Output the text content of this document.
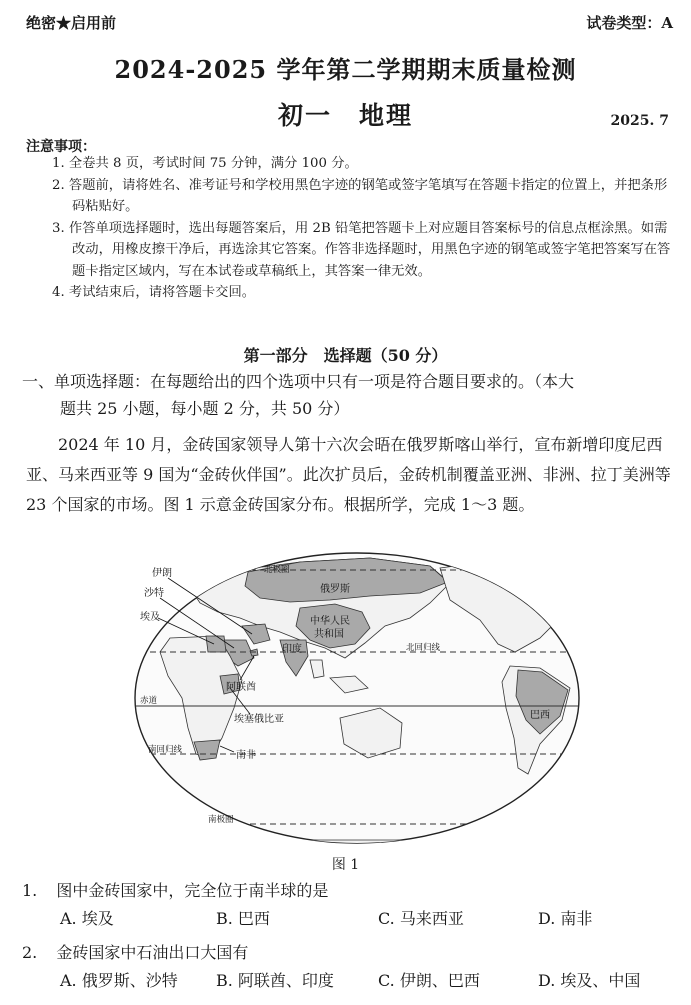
绝密★启用前	试卷类型：A
2024-2025 学年第二学期期末质量检测
初一　地理	2025. 7
注意事项：
1. 全卷共 8 页，考试时间 75 分钟，满分 100 分。
2. 答题前，请将姓名、准考证号和学校用黑色字迹的钢笔或签字笔填写在答题卡指定的位置上，并把条形码粘贴好。
3. 作答单项选择题时，选出每题答案后，用 2B 铅笔把答题卡上对应题目答案标号的信息点框涂黑。如需改动，用橡皮擦干净后，再选涂其它答案。作答非选择题时，用黑色字迹的钢笔或签字笔把答案写在答题卡指定区域内，写在本试卷或草稿纸上，其答案一律无效。
4. 考试结束后，请将答题卡交回。
第一部分　选择题（50 分）
一、单项选择题：在每题给出的四个选项中只有一项是符合题目要求的。（本大
题共 25 小题，每小题 2 分，共 50 分）
2024 年 10 月，金砖国家领导人第十六次会晤在俄罗斯喀山举行，宣布新增印度尼西亚、马来西亚等 9 国为“金砖伙伴国”。此次扩员后，金砖机制覆盖亚洲、非洲、拉丁美洲等 23 个国家的市场。图 1 示意金砖国家分布。根据所学，完成 1～3 题。
伊朗
沙特
埃及
俄罗斯
中华人民
共和国
印度
阿联酋
埃塞俄比亚	巴西
南非
北极圈
北回归线
赤道
南回归线
南极圈
图 1
1. 图中金砖国家中，完全位于南半球的是
A. 埃及	B. 巴西	C. 马来西亚	D. 南非
2. 金砖国家中石油出口大国有
A. 俄罗斯、沙特	B. 阿联酋、印度	C. 伊朗、巴西	D. 埃及、中国
